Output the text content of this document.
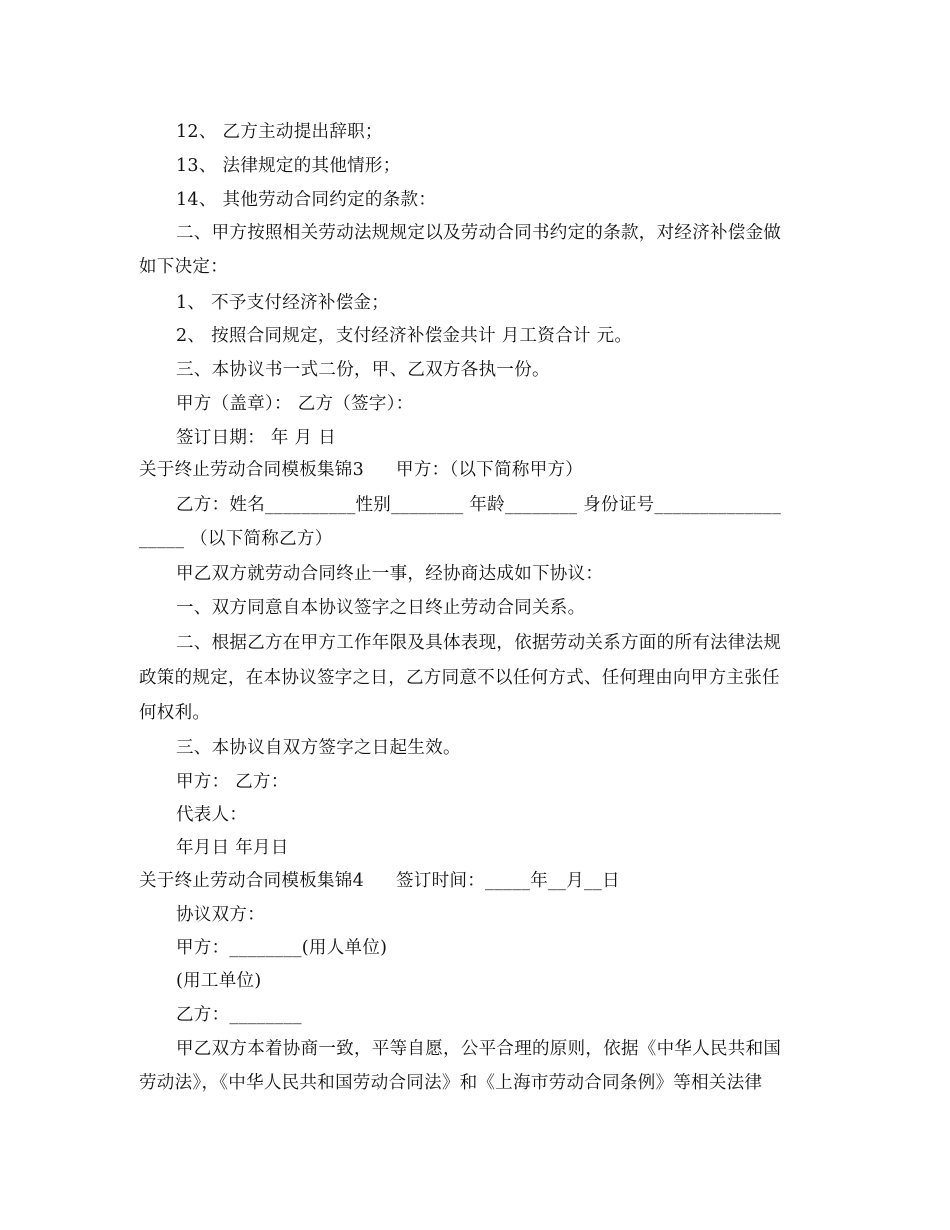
12、 乙方主动提出辞职；
13、 法律规定的其他情形；
14、 其他劳动合同约定的条款：
二、甲方按照相关劳动法规规定以及劳动合同书约定的条款，对经济补偿金做
如下决定：
1、 不予支付经济补偿金；
2、 按照合同规定，支付经济补偿金共计 月工资合计 元。
三、本协议书一式二份，甲、乙双方各执一份。
甲方（盖章）： 乙方（签字）：
签订日期： 年 月 日
关于终止劳动合同模板集锦3 甲方：（以下简称甲方）
乙方：姓名__________性别________ 年龄________ 身份证号______________
_____ （以下简称乙方）
甲乙双方就劳动合同终止一事，经协商达成如下协议：
一、双方同意自本协议签字之日终止劳动合同关系。
二、根据乙方在甲方工作年限及具体表现，依据劳动关系方面的所有法律法规
政策的规定，在本协议签字之日，乙方同意不以任何方式、任何理由向甲方主张任
何权利。
三、本协议自双方签字之日起生效。
甲方： 乙方：
代表人：
年月日 年月日
关于终止劳动合同模板集锦4 签订时间：_____年__月__日
协议双方：
甲方：________(用人单位)
(用工单位)
乙方：________
甲乙双方本着协商一致，平等自愿，公平合理的原则，依据《中华人民共和国
劳动法》，《中华人民共和国劳动合同法》和《上海市劳动合同条例》等相关法律
